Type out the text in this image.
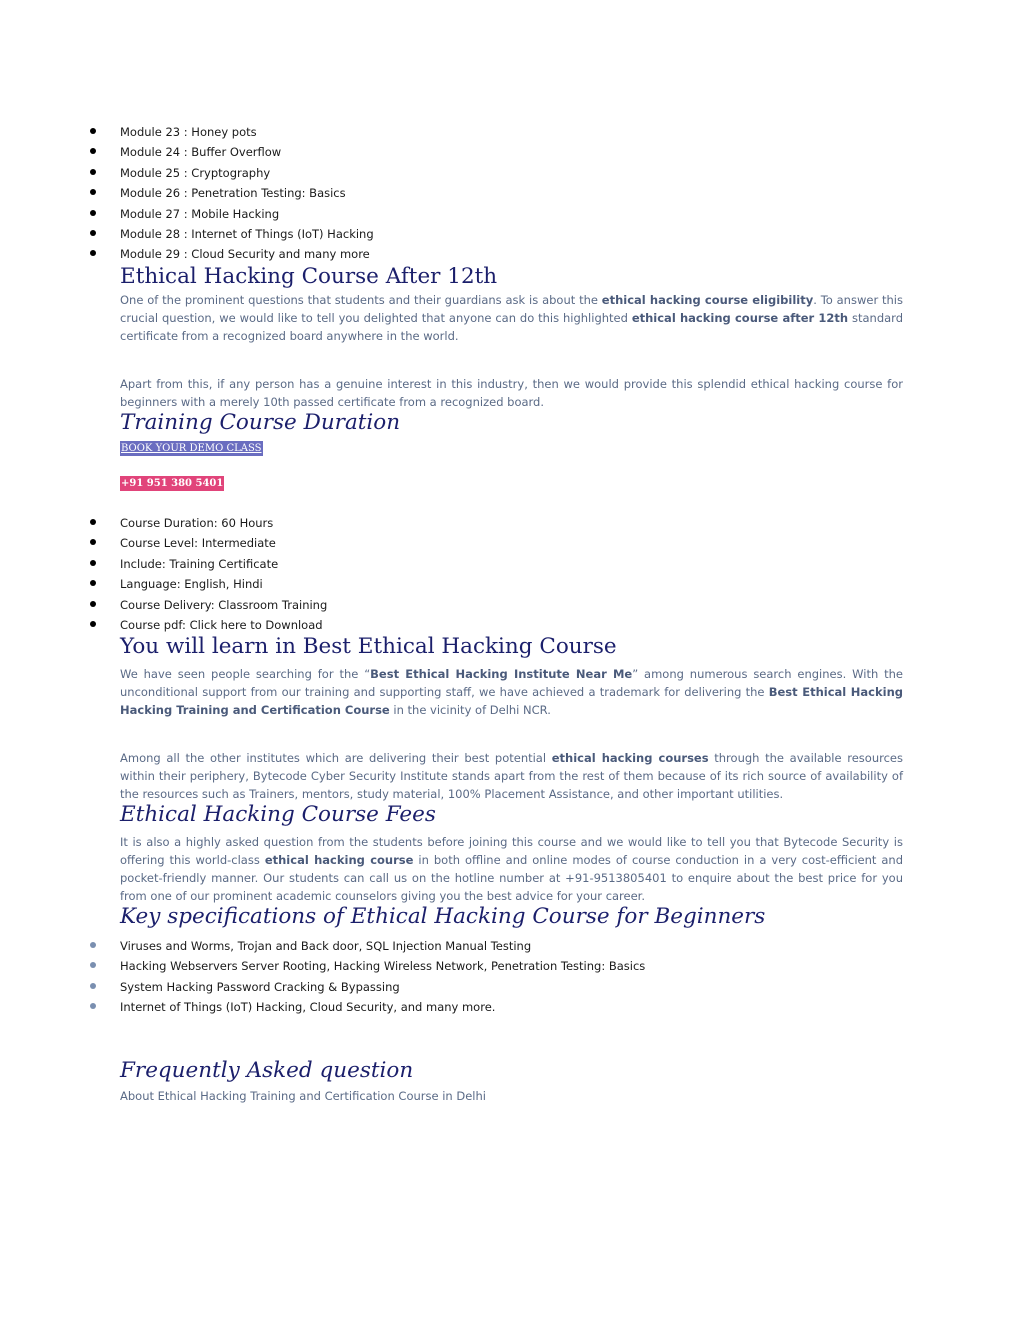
Module 23 : Honey pots
Module 24 : Buffer Overflow
Module 25 : Cryptography
Module 26 : Penetration Testing: Basics
Module 27 : Mobile Hacking
Module 28 : Internet of Things (IoT) Hacking
Module 29 : Cloud Security and many more
Ethical Hacking Course After 12th

One of the prominent questions that students and their guardians ask is about the ethical hacking course eligibility. To answer this crucial question, we would like to tell you delighted that anyone can do this highlighted ethical hacking course after 12th standard certificate from a recognized board anywhere in the world.

Apart from this, if any person has a genuine interest in this industry, then we would provide this splendid ethical hacking course for beginners with a merely 10th passed certificate from a recognized board.

Training Course Duration
BOOK YOUR DEMO CLASS
+91 951 380 5401
Course Duration: 60 Hours
Course Level: Intermediate
Include: Training Certificate
Language: English, Hindi
Course Delivery: Classroom Training
Course pdf: Click here to Download
You will learn in Best Ethical Hacking Course

We have seen people searching for the “Best Ethical Hacking Institute Near Me” among numerous search engines. With the unconditional support from our training and supporting staff, we have achieved a trademark for delivering the Best Ethical Hacking Hacking Training and Certification Course in the vicinity of Delhi NCR.

Among all the other institutes which are delivering their best potential ethical hacking courses through the available resources within their periphery, Bytecode Cyber Security Institute stands apart from the rest of them because of its rich source of availability of the resources such as Trainers, mentors, study material, 100% Placement Assistance, and other important utilities.

Ethical Hacking Course Fees

It is also a highly asked question from the students before joining this course and we would like to tell you that Bytecode Security is offering this world-class ethical hacking course in both offline and online modes of course conduction in a very cost-efficient and pocket-friendly manner. Our students can call us on the hotline number at +91-9513805401 to enquire about the best price for you from one of our prominent academic counselors giving you the best advice for your career.

Key specifications of Ethical Hacking Course for Beginners
Viruses and Worms, Trojan and Back door, SQL Injection Manual Testing
Hacking Webservers Server Rooting, Hacking Wireless Network, Penetration Testing: Basics
System Hacking Password Cracking & Bypassing
Internet of Things (IoT) Hacking, Cloud Security, and many more.
Frequently Asked question

About Ethical Hacking Training and Certification Course in Delhi
